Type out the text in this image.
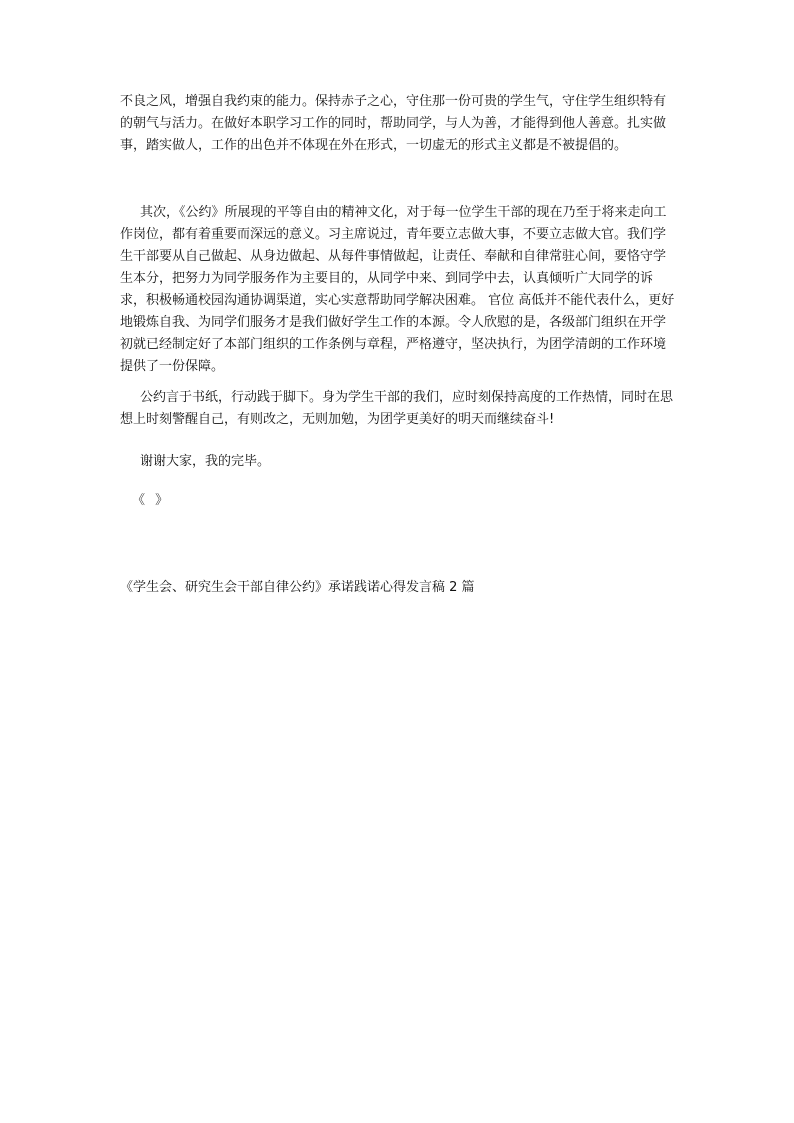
不良之风，增强自我约束的能力。保持赤子之心，守住那一份可贵的学生气，守住学生组织特有的朝气与活力。在做好本职学习工作的同时，帮助同学，与人为善，才能得到他人善意。扎实做事，踏实做人，工作的出色并不体现在外在形式，一切虚无的形式主义都是不被提倡的。
其次，《公约》所展现的平等自由的精神文化，对于每一位学生干部的现在乃至于将来走向工作岗位，都有着重要而深远的意义。习主席说过，青年要立志做大事，不要立志做大官。我们学生干部要从自己做起、从身边做起、从每件事情做起，让责任、奉献和自律常驻心间，要恪守学生本分，把努力为同学服务作为主要目的，从同学中来、到同学中去，认真倾听广大同学的诉求，积极畅通校园沟通协调渠道，实心实意帮助同学解决困难。 官位 高低并不能代表什么，更好地锻炼自我、为同学们服务才是我们做好学生工作的本源。令人欣慰的是，各级部门组织在开学初就已经制定好了本部门组织的工作条例与章程，严格遵守，坚决执行，为团学清朗的工作环境提供了一份保障。
公约言于书纸，行动践于脚下。身为学生干部的我们，应时刻保持高度的工作热情，同时在思想上时刻警醒自己，有则改之，无则加勉，为团学更美好的明天而继续奋斗!
谢谢大家，我的完毕。
《 》
《学生会、研究生会干部自律公约》承诺践诺心得发言稿 2 篇
